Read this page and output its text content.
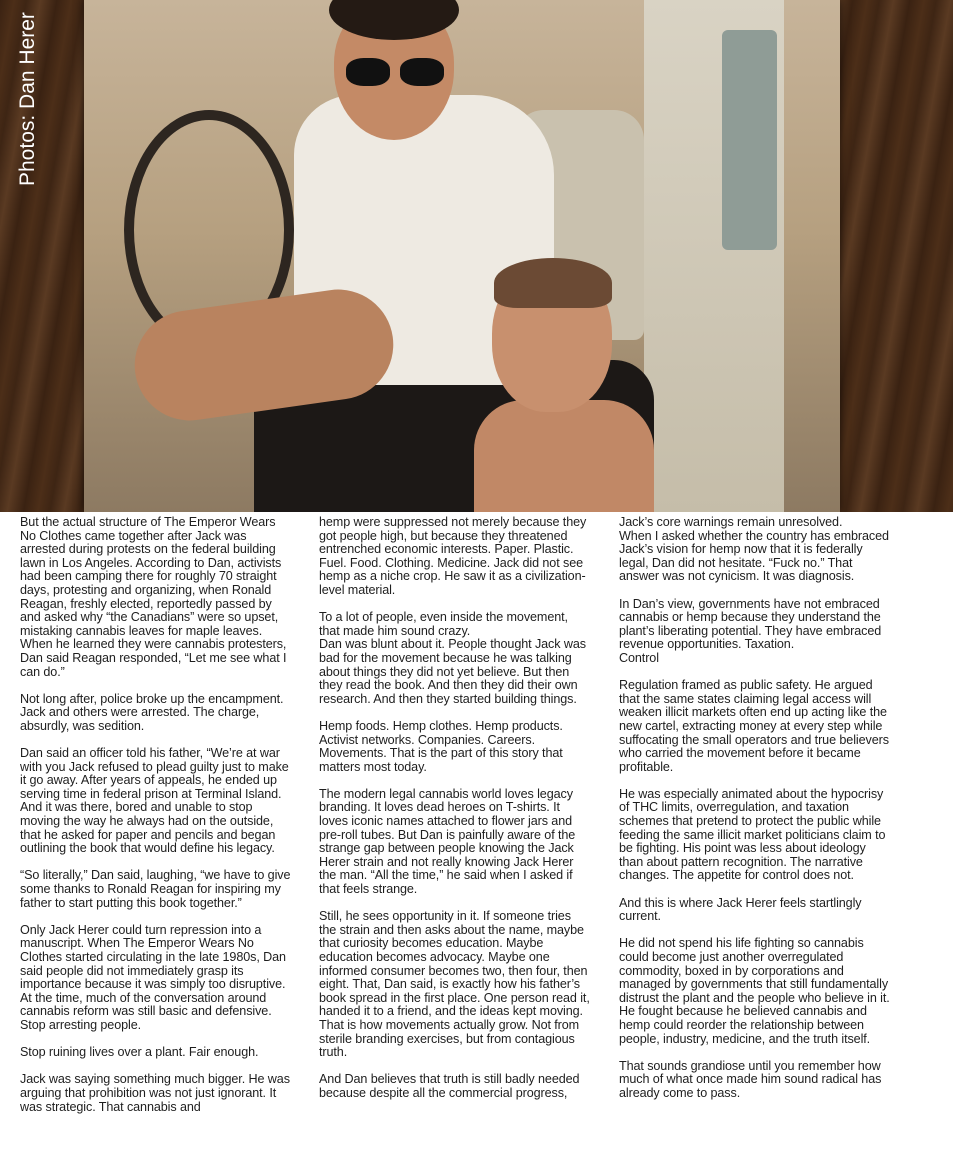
Photos: Dan Herer

But the actual structure of The Emperor Wears No Clothes came together after Jack was arrested during protests on the federal building lawn in Los Angeles. According to Dan, activists had been camping there for roughly 70 straight days, protesting and organizing, when Ronald Reagan, freshly elected, reportedly passed by and asked why “the Canadians” were so upset, mistaking cannabis leaves for maple leaves. When he learned they were cannabis protesters, Dan said Reagan responded, “Let me see what I can do.”

Not long after, police broke up the encampment. Jack and others were arrested. The charge, absurdly, was sedition.

Dan said an officer told his father, “We’re at war with you Jack refused to plead guilty just to make it go away. After years of appeals, he ended up serving time in federal prison at Terminal Island. And it was there, bored and unable to stop moving the way he always had on the outside, that he asked for paper and pencils and began outlining the book that would define his legacy.

“So literally,” Dan said, laughing, “we have to give some thanks to Ronald Reagan for inspiring my father to start putting this book together.”

Only Jack Herer could turn repression into a manuscript. When The Emperor Wears No Clothes started circulating in the late 1980s, Dan said people did not immediately grasp its importance because it was simply too disruptive. At the time, much of the conversation around cannabis reform was still basic and defensive. Stop arresting people.

Stop ruining lives over a plant. Fair enough.

Jack was saying something much bigger. He was arguing that prohibition was not just ignorant. It was strategic. That cannabis and

hemp were suppressed not merely because they got people high, but because they threatened entrenched economic interests. Paper. Plastic. Fuel. Food. Clothing. Medicine. Jack did not see hemp as a niche crop. He saw it as a civilization-level material.

To a lot of people, even inside the movement, that made him sound crazy.

Dan was blunt about it. People thought Jack was bad for the movement because he was talking about things they did not yet believe. But then they read the book. And then they did their own research. And then they started building things.

Hemp foods. Hemp clothes. Hemp products. Activist networks. Companies. Careers. Movements. That is the part of this story that matters most today.

The modern legal cannabis world loves legacy branding. It loves dead heroes on T-shirts. It loves iconic names attached to flower jars and pre-roll tubes. But Dan is painfully aware of the strange gap between people knowing the Jack Herer strain and not really knowing Jack Herer the man. “All the time,” he said when I asked if that feels strange.

Still, he sees opportunity in it. If someone tries the strain and then asks about the name, maybe that curiosity becomes education. Maybe education becomes advocacy. Maybe one informed consumer becomes two, then four, then eight. That, Dan said, is exactly how his father’s book spread in the first place. One person read it, handed it to a friend, and the ideas kept moving.

That is how movements actually grow. Not from sterile branding exercises, but from contagious truth.

And Dan believes that truth is still badly needed because despite all the commercial progress,

Jack’s core warnings remain unresolved.

When I asked whether the country has embraced Jack’s vision for hemp now that it is federally legal, Dan did not hesitate. “Fuck no.” That answer was not cynicism. It was diagnosis.

In Dan’s view, governments have not embraced cannabis or hemp because they understand the plant’s liberating potential. They have embraced revenue opportunities. Taxation.

Control

Regulation framed as public safety. He argued that the same states claiming legal access will weaken illicit markets often end up acting like the new cartel, extracting money at every step while suffocating the small operators and true believers who carried the movement before it became profitable.

He was especially animated about the hypocrisy of THC limits, overregulation, and taxation schemes that pretend to protect the public while feeding the same illicit market politicians claim to be fighting. His point was less about ideology than about pattern recognition. The narrative changes. The appetite for control does not.

And this is where Jack Herer feels startlingly current.

He did not spend his life fighting so cannabis could become just another overregulated commodity, boxed in by corporations and managed by governments that still fundamentally distrust the plant and the people who believe in it. He fought because he believed cannabis and hemp could reorder the relationship between people, industry, medicine, and the truth itself.

That sounds grandiose until you remember how much of what once made him sound radical has already come to pass.
